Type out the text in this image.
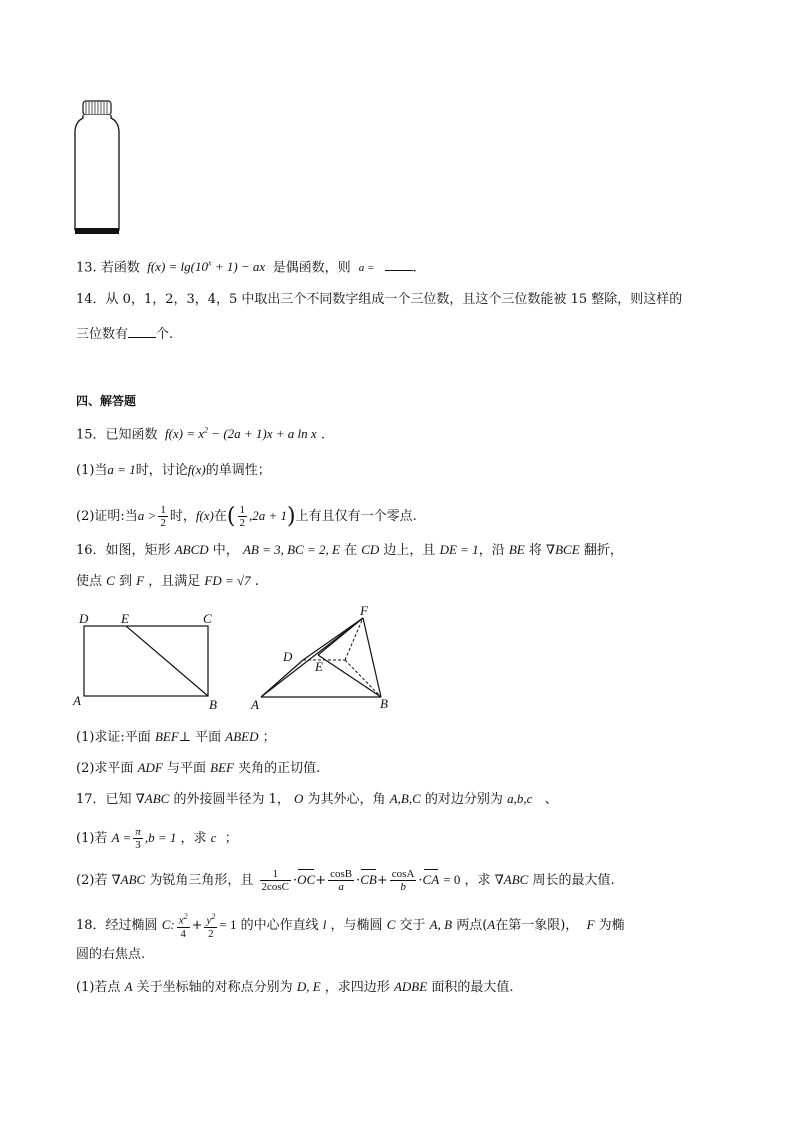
13. 若函数 $f(x) = \lg(10^x + 1)$ − ax 是偶函数，则 a =	.
14．从 0，1，2，3，4，5 中取出三个不同数字组成一个三位数，且这个三位数能被 15 整除，则这样的
三位数有 个.
四、解答题
15．已知函数 $f(x) = x^2 - (2a + 1)x + a$ ln x .
(1)当a = 1时，讨论f(x)的单调性；
(2)证明:当$a > \frac{1}{2}$ 时，f(x)在( $\frac{1}{2} ,2a + 1$)上有且仅有一个零点.
16．如图，矩形 ABCD 中， AB = 3, BC = 2, E 在 CD 边上，且 DE = 1，沿 BE 将 ∇BCE 翻折，
使点 C 到 F ，且满足 FD = √7 .
D	E	C
A	B
F
D
E
A	B
(1)求证:平面 BEF⊥ 平面 ABED ；
(2)求平面 ADF 与平面 BEF 夹角的正切值.
17．已知 ∇ABC 的外接圆半径为 1， O 为其外心，角 A,B,C 的对边分别为 a,b,c 、
(1)若 $A = \frac{\pi}{3} ,b = 1$ ，求 c ；
(2)若 ∇ABC 为锐角三角形，且 $\frac{1}{2\cos C} \cdot OC+ \frac{\cos B}{a} \cdot CB+ \frac{\cos A}{b} \cdot CA = 0$ ，求 ∇ABC 周长的最大值.
18．经过椭圆 C: $\frac{x^2}{4} + \frac{y^2}{2} = 1$ 的中心作直线 l ，与椭圆 C 交于 A, B 两点(A在第一象限)， F 为椭
圆的右焦点.
(1)若点 A 关于坐标轴的对称点分别为 D, E ，求四边形 ADBE 面积的最大值.
